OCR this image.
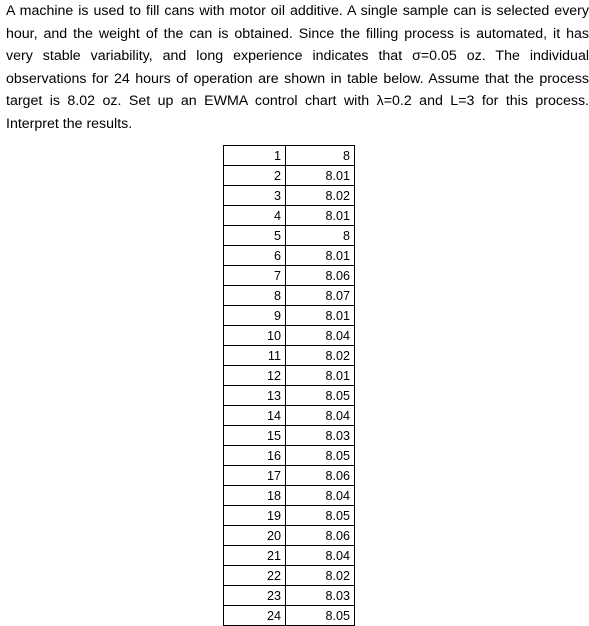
A machine is used to fill cans with motor oil additive. A single sample can is selected every
hour, and the weight of the can is obtained. Since the filling process is automated, it has
very stable variability, and long experience indicates that σ=0.05 oz. The individual
observations for 24 hours of operation are shown in table below. Assume that the process
target is 8.02 oz. Set up an EWMA control chart with λ=0.2 and L=3 for this process.
Interpret the results.
1	8
2	8.01
3	8.02
4	8.01
5	8
6	8.01
7	8.06
8	8.07
9	8.01
10	8.04
11	8.02
12	8.01
13	8.05
14	8.04
15	8.03
16	8.05
17	8.06
18	8.04
19	8.05
20	8.06
21	8.04
22	8.02
23	8.03
24	8.05
